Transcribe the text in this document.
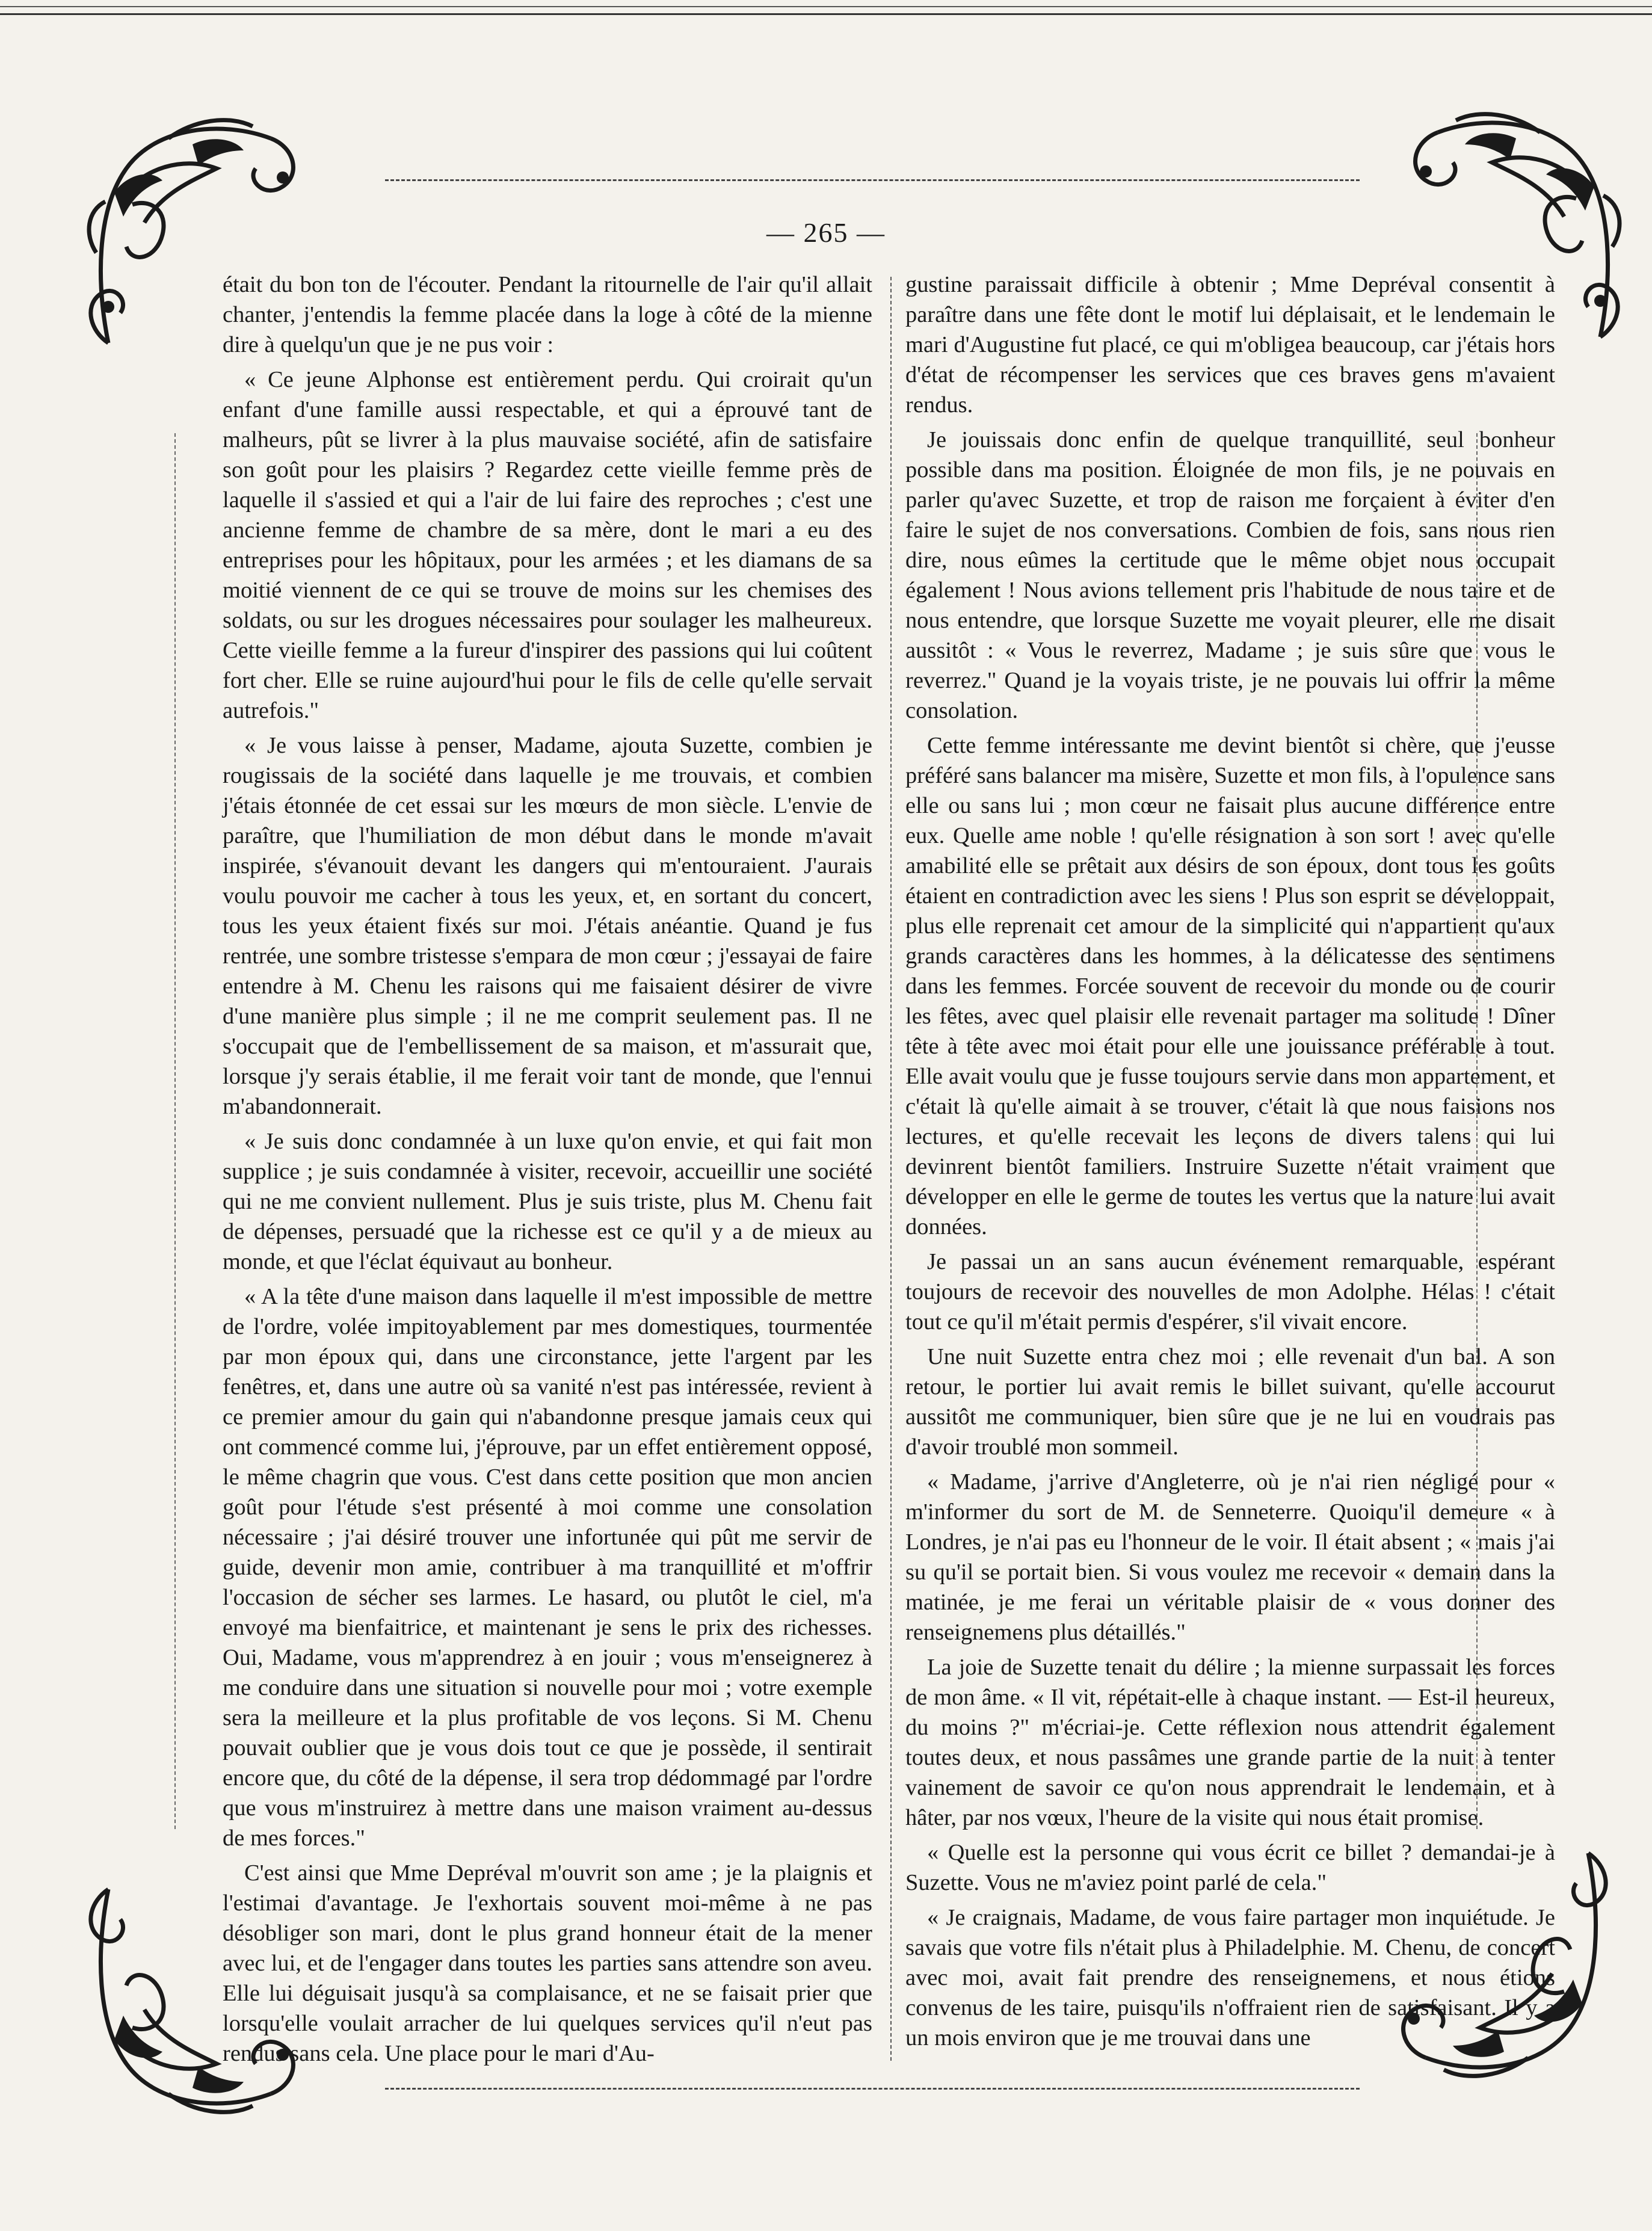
— 265 —

était du bon ton de l'écouter. Pendant la ritournelle de l'air qu'il allait chanter, j'entendis la femme placée dans la loge à côté de la mienne dire à quelqu'un que je ne pus voir :

« Ce jeune Alphonse est entièrement perdu. Qui croirait qu'un enfant d'une famille aussi respectable, et qui a éprouvé tant de malheurs, pût se livrer à la plus mauvaise société, afin de satisfaire son goût pour les plaisirs ? Regardez cette vieille femme près de laquelle il s'assied et qui a l'air de lui faire des reproches ; c'est une ancienne femme de chambre de sa mère, dont le mari a eu des entreprises pour les hôpitaux, pour les armées ; et les diamans de sa moitié viennent de ce qui se trouve de moins sur les chemises des soldats, ou sur les drogues nécessaires pour soulager les malheureux. Cette vieille femme a la fureur d'inspirer des passions qui lui coûtent fort cher. Elle se ruine aujourd'hui pour le fils de celle qu'elle servait autrefois."

« Je vous laisse à penser, Madame, ajouta Suzette, combien je rougissais de la société dans laquelle je me trouvais, et combien j'étais étonnée de cet essai sur les mœurs de mon siècle. L'envie de paraître, que l'humiliation de mon début dans le monde m'avait inspirée, s'évanouit devant les dangers qui m'entouraient. J'aurais voulu pouvoir me cacher à tous les yeux, et, en sortant du concert, tous les yeux étaient fixés sur moi. J'étais anéantie. Quand je fus rentrée, une sombre tristesse s'empara de mon cœur ; j'essayai de faire entendre à M. Chenu les raisons qui me faisaient désirer de vivre d'une manière plus simple ; il ne me comprit seulement pas. Il ne s'occupait que de l'embellissement de sa maison, et m'assurait que, lorsque j'y serais établie, il me ferait voir tant de monde, que l'ennui m'abandonnerait.

« Je suis donc condamnée à un luxe qu'on envie, et qui fait mon supplice ; je suis condamnée à visiter, recevoir, accueillir une société qui ne me convient nullement. Plus je suis triste, plus M. Chenu fait de dépenses, persuadé que la richesse est ce qu'il y a de mieux au monde, et que l'éclat équivaut au bonheur.

« A la tête d'une maison dans laquelle il m'est impossible de mettre de l'ordre, volée impitoyablement par mes domestiques, tourmentée par mon époux qui, dans une circonstance, jette l'argent par les fenêtres, et, dans une autre où sa vanité n'est pas intéressée, revient à ce premier amour du gain qui n'abandonne presque jamais ceux qui ont commencé comme lui, j'éprouve, par un effet entièrement opposé, le même chagrin que vous. C'est dans cette position que mon ancien goût pour l'étude s'est présenté à moi comme une consolation nécessaire ; j'ai désiré trouver une infortunée qui pût me servir de guide, devenir mon amie, contribuer à ma tranquillité et m'offrir l'occasion de sécher ses larmes. Le hasard, ou plutôt le ciel, m'a envoyé ma bienfaitrice, et maintenant je sens le prix des richesses. Oui, Madame, vous m'apprendrez à en jouir ; vous m'enseignerez à me conduire dans une situation si nouvelle pour moi ; votre exemple sera la meilleure et la plus profitable de vos leçons. Si M. Chenu pouvait oublier que je vous dois tout ce que je possède, il sentirait encore que, du côté de la dépense, il sera trop dédommagé par l'ordre que vous m'instruirez à mettre dans une maison vraiment au-dessus de mes forces."

C'est ainsi que Mme Depréval m'ouvrit son ame ; je la plaignis et l'estimai d'avantage. Je l'exhortais souvent moi-même à ne pas désobliger son mari, dont le plus grand honneur était de la mener avec lui, et de l'engager dans toutes les parties sans attendre son aveu. Elle lui déguisait jusqu'à sa complaisance, et ne se faisait prier que lorsqu'elle voulait arracher de lui quelques services qu'il n'eut pas rendus sans cela. Une place pour le mari d'Au-

gustine paraissait difficile à obtenir ; Mme Depréval consentit à paraître dans une fête dont le motif lui déplaisait, et le lendemain le mari d'Augustine fut placé, ce qui m'obligea beaucoup, car j'étais hors d'état de récompenser les services que ces braves gens m'avaient rendus.

Je jouissais donc enfin de quelque tranquillité, seul bonheur possible dans ma position. Éloignée de mon fils, je ne pouvais en parler qu'avec Suzette, et trop de raison me forçaient à éviter d'en faire le sujet de nos conversations. Combien de fois, sans nous rien dire, nous eûmes la certitude que le même objet nous occupait également ! Nous avions tellement pris l'habitude de nous taire et de nous entendre, que lorsque Suzette me voyait pleurer, elle me disait aussitôt : « Vous le reverrez, Madame ; je suis sûre que vous le reverrez." Quand je la voyais triste, je ne pouvais lui offrir la même consolation.

Cette femme intéressante me devint bientôt si chère, que j'eusse préféré sans balancer ma misère, Suzette et mon fils, à l'opulence sans elle ou sans lui ; mon cœur ne faisait plus aucune différence entre eux. Quelle ame noble ! qu'elle résignation à son sort ! avec qu'elle amabilité elle se prêtait aux désirs de son époux, dont tous les goûts étaient en contradiction avec les siens ! Plus son esprit se développait, plus elle reprenait cet amour de la simplicité qui n'appartient qu'aux grands caractères dans les hommes, à la délicatesse des sentimens dans les femmes. Forcée souvent de recevoir du monde ou de courir les fêtes, avec quel plaisir elle revenait partager ma solitude ! Dîner tête à tête avec moi était pour elle une jouissance préférable à tout. Elle avait voulu que je fusse toujours servie dans mon appartement, et c'était là qu'elle aimait à se trouver, c'était là que nous faisions nos lectures, et qu'elle recevait les leçons de divers talens qui lui devinrent bientôt familiers. Instruire Suzette n'était vraiment que développer en elle le germe de toutes les vertus que la nature lui avait données.

Je passai un an sans aucun événement remarquable, espérant toujours de recevoir des nouvelles de mon Adolphe. Hélas ! c'était tout ce qu'il m'était permis d'espérer, s'il vivait encore.

Une nuit Suzette entra chez moi ; elle revenait d'un bal. A son retour, le portier lui avait remis le billet suivant, qu'elle accourut aussitôt me communiquer, bien sûre que je ne lui en voudrais pas d'avoir troublé mon sommeil.

« Madame, j'arrive d'Angleterre, où je n'ai rien négligé pour « m'informer du sort de M. de Senneterre. Quoiqu'il demeure « à Londres, je n'ai pas eu l'honneur de le voir. Il était absent ; « mais j'ai su qu'il se portait bien. Si vous voulez me recevoir « demain dans la matinée, je me ferai un véritable plaisir de « vous donner des renseignemens plus détaillés."

La joie de Suzette tenait du délire ; la mienne surpassait les forces de mon âme. « Il vit, répétait-elle à chaque instant. — Est-il heureux, du moins ?" m'écriai-je. Cette réflexion nous attendrit également toutes deux, et nous passâmes une grande partie de la nuit à tenter vainement de savoir ce qu'on nous apprendrait le lendemain, et à hâter, par nos vœux, l'heure de la visite qui nous était promise.

« Quelle est la personne qui vous écrit ce billet ? demandai-je à Suzette. Vous ne m'aviez point parlé de cela."

« Je craignais, Madame, de vous faire partager mon inquiétude. Je savais que votre fils n'était plus à Philadelphie. M. Chenu, de concert avec moi, avait fait prendre des renseignemens, et nous étions convenus de les taire, puisqu'ils n'offraient rien de satisfaisant. Il y a un mois environ que je me trouvai dans une
